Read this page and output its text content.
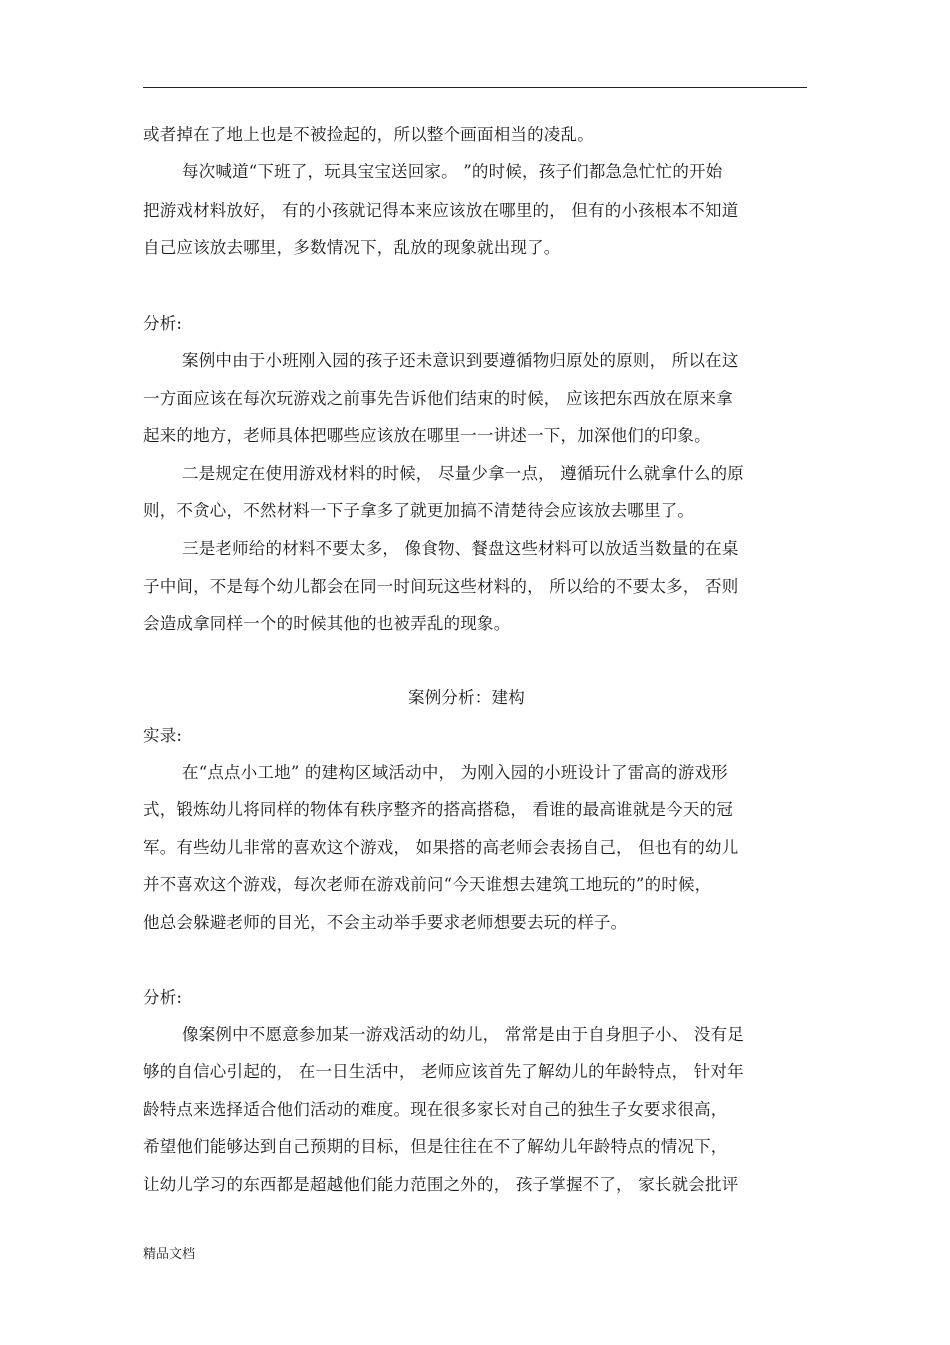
或者掉在了地上也是不被捡起的，所以整个画面相当的凌乱。
每次喊道“下班了，玩具宝宝送回家。 ”的时候，孩子们都急急忙忙的开始
把游戏材料放好， 有的小孩就记得本来应该放在哪里的， 但有的小孩根本不知道
自己应该放去哪里，多数情况下，乱放的现象就出现了。
分析:
案例中由于小班刚入园的孩子还未意识到要遵循物归原处的原则， 所以在这
一方面应该在每次玩游戏之前事先告诉他们结束的时候， 应该把东西放在原来拿
起来的地方，老师具体把哪些应该放在哪里一一讲述一下，加深他们的印象。
二是规定在使用游戏材料的时候， 尽量少拿一点， 遵循玩什么就拿什么的原
则，不贪心，不然材料一下子拿多了就更加搞不清楚待会应该放去哪里了。
三是老师给的材料不要太多， 像食物、餐盘这些材料可以放适当数量的在桌
子中间，不是每个幼儿都会在同一时间玩这些材料的， 所以给的不要太多， 否则
会造成拿同样一个的时候其他的也被弄乱的现象。
案例分析：建构
实录:
在“点点小工地” 的建构区域活动中， 为刚入园的小班设计了雷高的游戏形
式，锻炼幼儿将同样的物体有秩序整齐的搭高搭稳， 看谁的最高谁就是今天的冠
军。有些幼儿非常的喜欢这个游戏， 如果搭的高老师会表扬自己， 但也有的幼儿
并不喜欢这个游戏，每次老师在游戏前问“今天谁想去建筑工地玩的”的时候，
他总会躲避老师的目光，不会主动举手要求老师想要去玩的样子。
分析:
像案例中不愿意参加某一游戏活动的幼儿， 常常是由于自身胆子小、 没有足
够的自信心引起的， 在一日生活中， 老师应该首先了解幼儿的年龄特点， 针对年
龄特点来选择适合他们活动的难度。现在很多家长对自己的独生子女要求很高，
希望他们能够达到自己预期的目标，但是往往在不了解幼儿年龄特点的情况下，
让幼儿学习的东西都是超越他们能力范围之外的， 孩子掌握不了， 家长就会批评
精品文档
